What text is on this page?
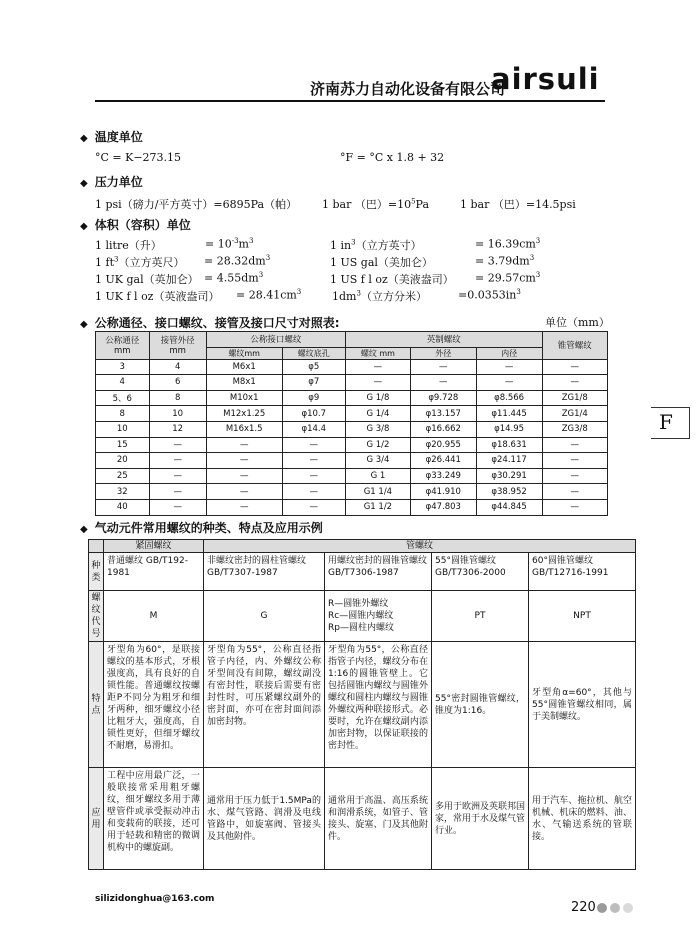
济南苏力自动化设备有限公司
airsuli
F
◆ 温度单位
°C = K−273.15	°F = °C x 1.8 + 32
◆ 压力单位
1 psi（磅力/平方英寸）=6895Pa（帕） 1 bar （巴）$=10^5Pa$	1 bar （巴）=14.5psi
◆ 体积（容积）单位
1 litre（升）	= $10^{-3}m^3$	1 $in^3$（立方英寸）	= $16.39cm^3$
1 $ft^3$（立方英尺） = $28.32dm^3$	1 US gal（美加仑）	= $3.79dm^3$
1 UK gal（英加仑） = $4.55dm^3$	1 US f l oz（美液盎司） = $29.57cm^3$
1 UK f l oz（英液盎司） = $28.41cm^3$	$1dm^3$（立方分米）	$=0.0353in^3$
◆ 公称通径、接口螺纹、接管及接口尺寸对照表:	单位（mm）
公称通径
mm	接管外径
mm	公称接口螺纹		英制螺纹			锥管螺纹
		螺纹mm	螺纹底孔	螺纹 mm	外径	内径	
3	4	M6x1	φ5	—	—	—	—
4	6	M8x1	φ7	—	—	—	—
5、6	8	M10x1	φ9	G 1/8	φ9.728	φ8.566	ZG1/8
8	10	M12x1.25	φ10.7	G 1/4	φ13.157	φ11.445	ZG1/4
10	12	M16x1.5	φ14.4	G 3/8	φ16.662	φ14.95	ZG3/8
15	—	—	—	G 1/2	φ20.955	φ18.631	—
20	—	—	—	G 3/4	φ26.441	φ24.117	—
25	—	—	—	G 1	φ33.249	φ30.291	—
32	—	—	—	G1 1/4	φ41.910	φ38.952	—
40	—	—	—	G1 1/2	φ47.803	φ44.845	—
◆ 气动元件常用螺纹的种类、特点及应用示例
	紧固螺纹	管螺纹			
种类	普通螺纹 GB/T192-1981	非螺纹密封的圆柱管螺纹 GB/T7307-1987	用螺纹密封的圆锥管螺纹 GB/T7306-1987	55°圆锥管螺纹 GB/T7306-2000	60°圆锥管螺纹 GB/T12716-1991
螺纹代号	M	G	R—圆锥外螺纹
Rc—圆锥内螺纹
Rp—圆柱内螺纹	PT	NPT
特点	牙型角为60°，是联接螺纹的基本形式，牙根强度高，具有良好的自锁性能。普通螺纹按螺距P不同分为粗牙和细牙两种，细牙螺纹小径比粗牙大，强度高，自锁性更好，但细牙螺纹不耐磨，易滑扣。	牙型角为55°，公称直径指管子内径，内、外螺纹公称牙型间没有间隙，螺纹副没有密封性，联接后需要有密封性时，可压紧螺纹副外的密封面，亦可在密封面间添加密封物。	牙型角为55°，公称直径指管子内径，螺纹分布在1:16的圆锥管壁上。它包括圆锥内螺纹与圆锥外螺纹和圆柱内螺纹与圆锥外螺纹两种联接形式。必要时，允许在螺纹副内添加密封物，以保证联接的密封性。	55°密封圆锥管螺纹，锥度为1:16。	牙型角α=60°，其他与55°圆锥管螺纹相同，属于美制螺纹。
应用	工程中应用最广泛，一般联接常采用粗牙螺纹，细牙螺纹多用于薄壁管件或承受振动冲击和变载荷的联接，还可用于轻载和精密的微调机构中的螺旋副。	通常用于压力低于1.5MPa的水、煤气管路、润滑及电线管路中，如旋塞阀、管接头及其他附件。	通常用于高温、高压系统和润滑系统，如管子、管接头、旋塞、门及其他附件。	多用于欧洲及英联邦国家，常用于水及煤气管行业。	用于汽车、拖拉机、航空机械、机床的燃料、油、水、气输送系统的管联接。
silizidonghua@163.com
220
